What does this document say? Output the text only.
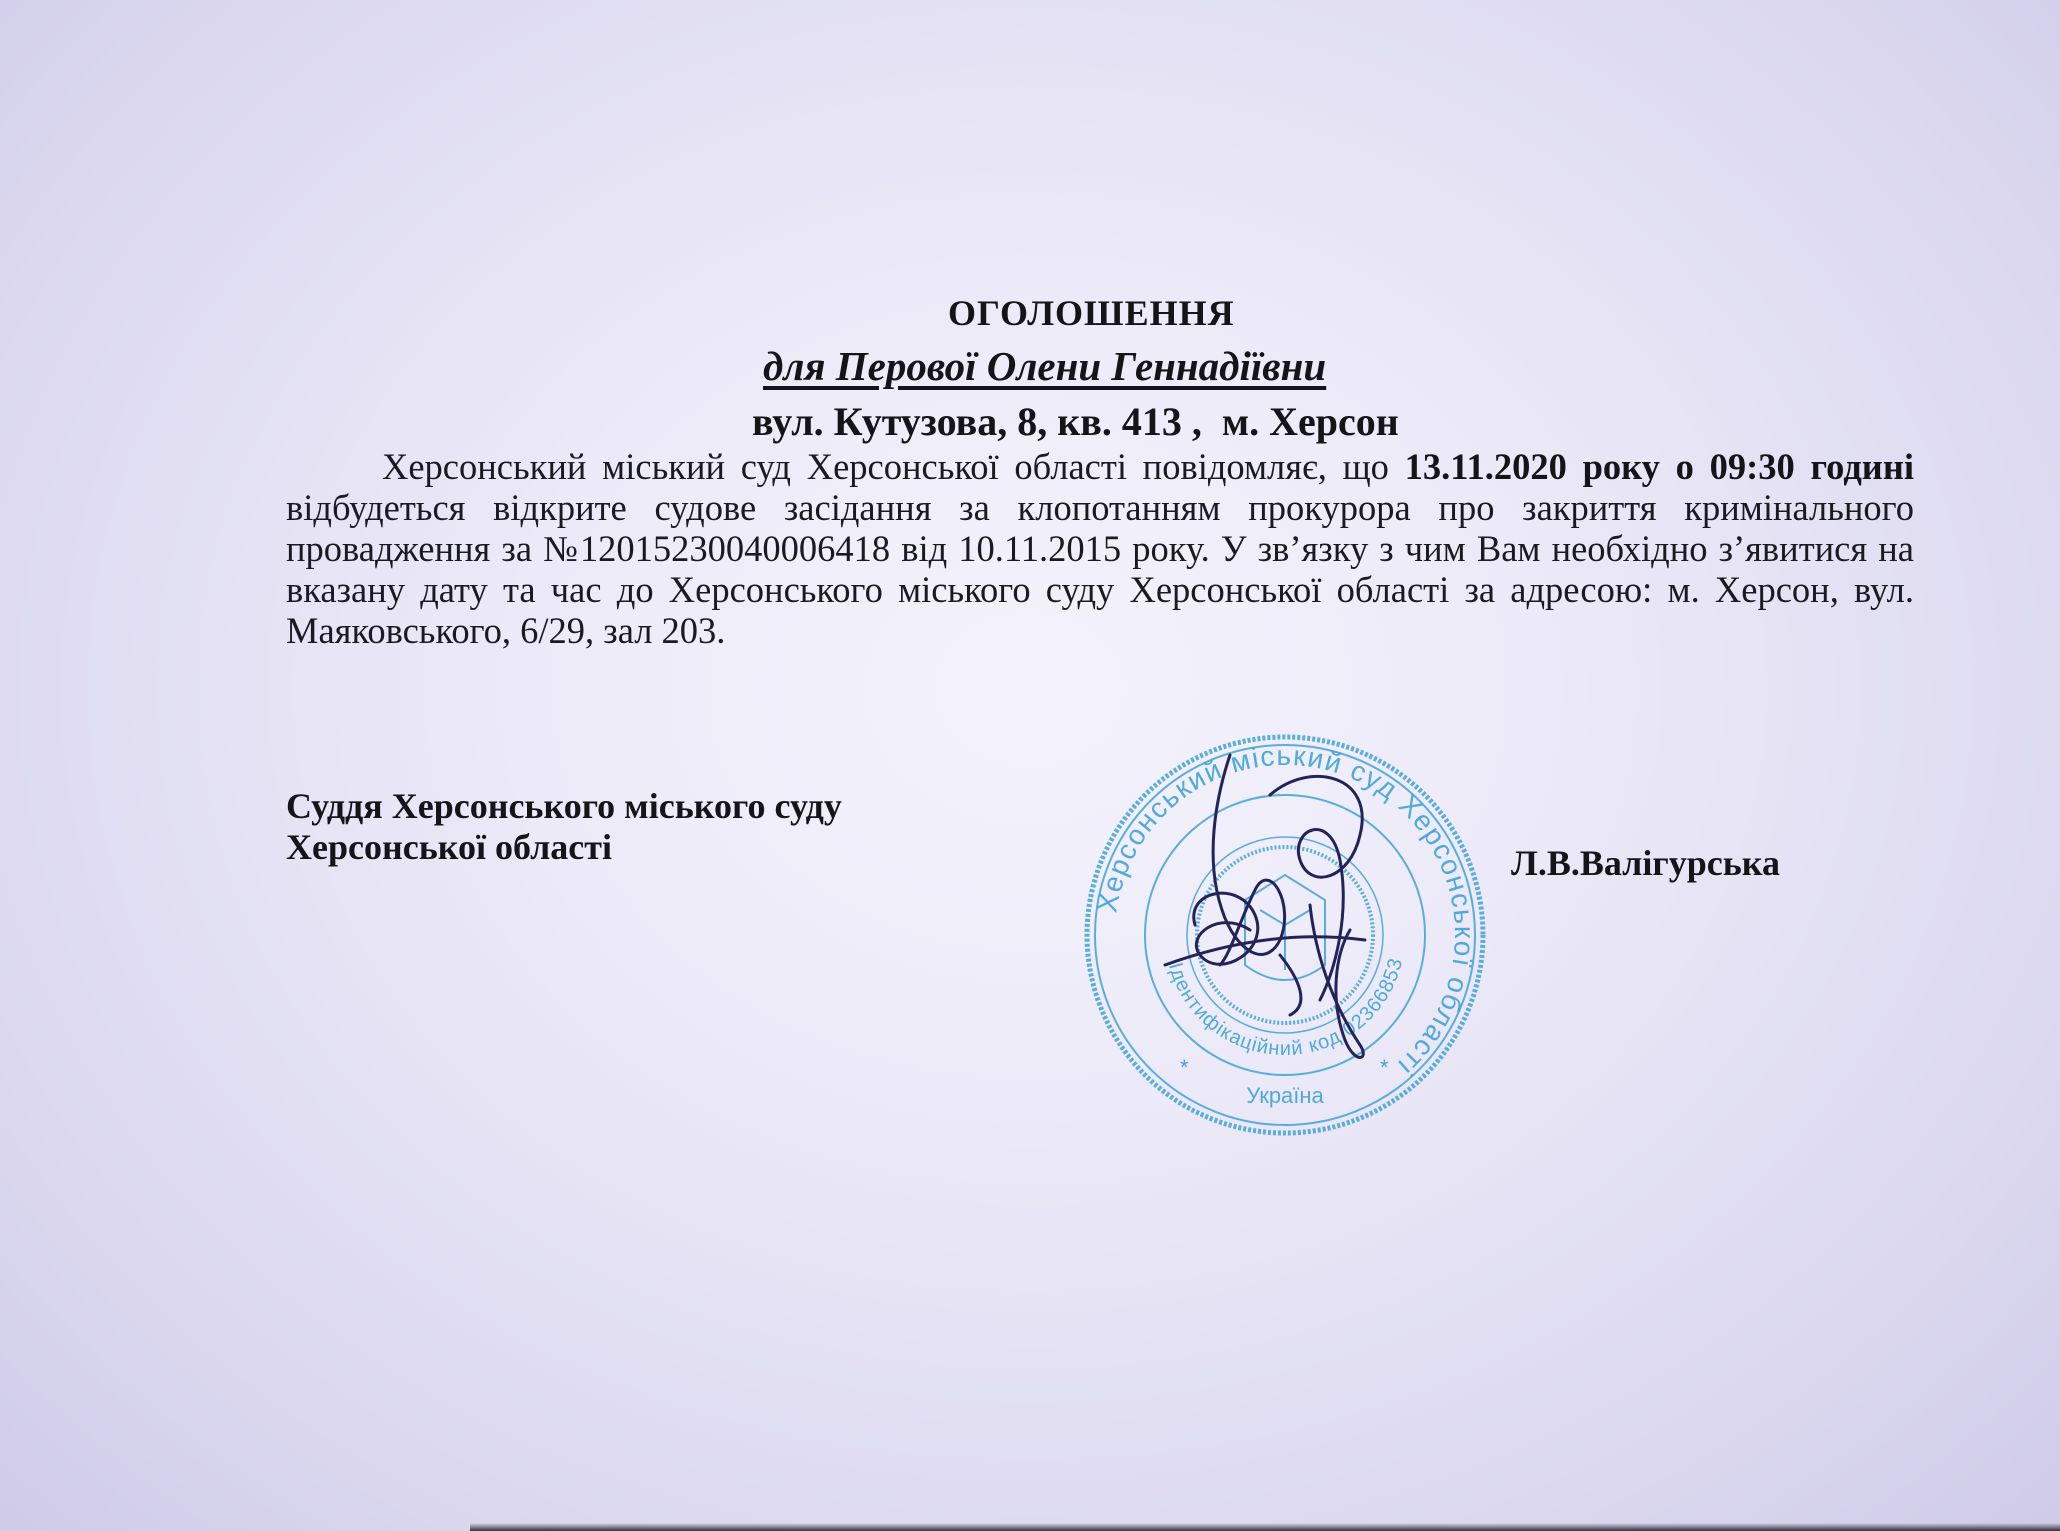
ОГОЛОШЕННЯ
для Перової Олени Геннадіївни
вул. Кутузова, 8, кв. 413 ,  м. Херсон
Херсонський міський суд Херсонської області повідомляє, що 13.11.2020 року о 09:30 годині відбудеться відкрите судове засідання за клопотанням прокурора про закриття кримінального провадження за №12015230040006418 від 10.11.2015 року. У зв’язку з чим Вам необхідно з’явитися на вказану дату та час до Херсонського міського суду Херсонської області за адресою: м. Херсон, вул. Маяковського, 6/29, зал 203.
Суддя Херсонського міського суду
Херсонської області
Херсонський міський суд Херсонської області
Ідентифікаційний код 02366853
Україна
*	*
Л.В.Валігурська
